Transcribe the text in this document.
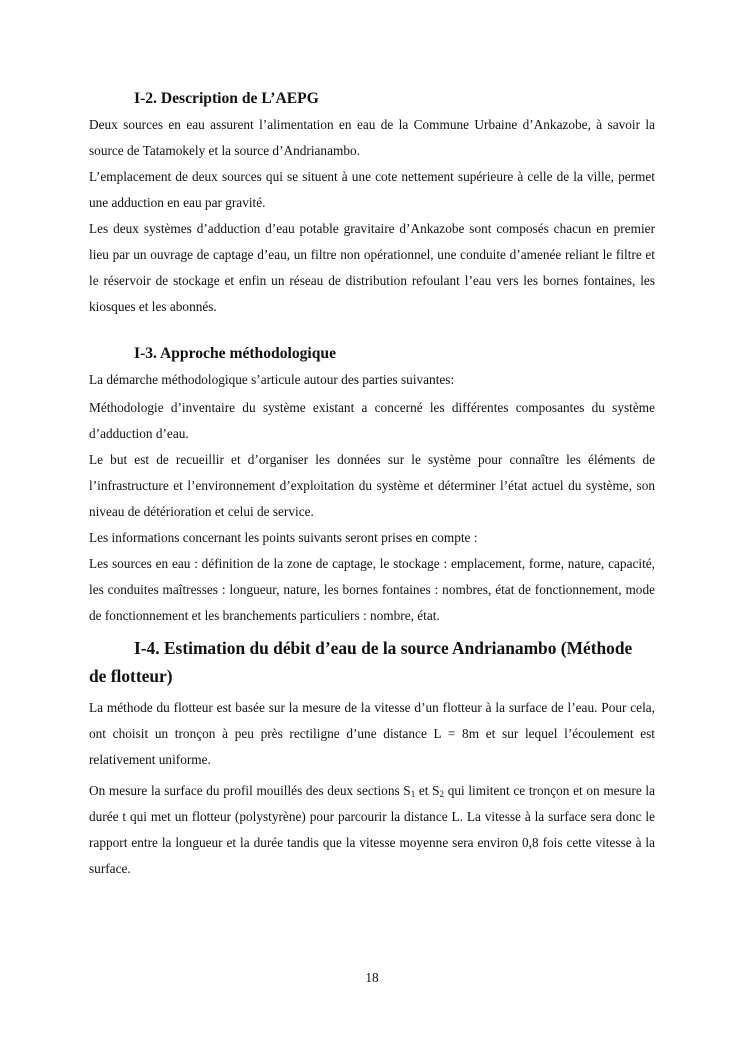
I-2. Description de L’AEPG

Deux sources en eau assurent l’alimentation en eau de la Commune Urbaine d’Ankazobe, à savoir la source de Tatamokely et la source d’Andrianambo.

L’emplacement de deux sources qui se situent à une cote nettement supérieure à celle de la ville, permet une adduction en eau par gravité.

Les deux systèmes d’adduction d’eau potable gravitaire d’Ankazobe sont composés chacun en premier lieu par un ouvrage de captage d’eau, un filtre non opérationnel, une conduite d’amenée reliant le filtre et le réservoir de stockage et enfin un réseau de distribution refoulant l’eau vers les bornes fontaines, les kiosques et les abonnés.

I-3. Approche méthodologique

La démarche méthodologique s’articule autour des parties suivantes:

Méthodologie d’inventaire du système existant a concerné les différentes composantes du système d’adduction d’eau.

Le but est de recueillir et d’organiser les données sur le système pour connaître les éléments de l’infrastructure et l’environnement d’exploitation du système et déterminer l’état actuel du système, son niveau de détérioration et celui de service.

Les informations concernant les points suivants seront prises en compte :

Les sources en eau : définition de la zone de captage, le stockage : emplacement, forme, nature, capacité, les conduites maîtresses : longueur, nature, les bornes fontaines : nombres, état de fonctionnement, mode de fonctionnement et les branchements particuliers : nombre, état.

I-4. Estimation du débit d’eau de la source Andrianambo (Méthode
de flotteur)

La méthode du flotteur est basée sur la mesure de la vitesse d’un flotteur à la surface de l’eau. Pour cela, ont choisit un tronçon à peu près rectiligne d’une distance L = 8m et sur lequel l’écoulement est relativement uniforme.

On mesure la surface du profil mouillés des deux sections $S_1$ et $S_2$ qui limitent ce tronçon et on mesure la durée t qui met un flotteur (polystyrène) pour parcourir la distance L. La vitesse à la surface sera donc le rapport entre la longueur et la durée tandis que la vitesse moyenne sera environ 0,8 fois cette vitesse à la surface.

18
